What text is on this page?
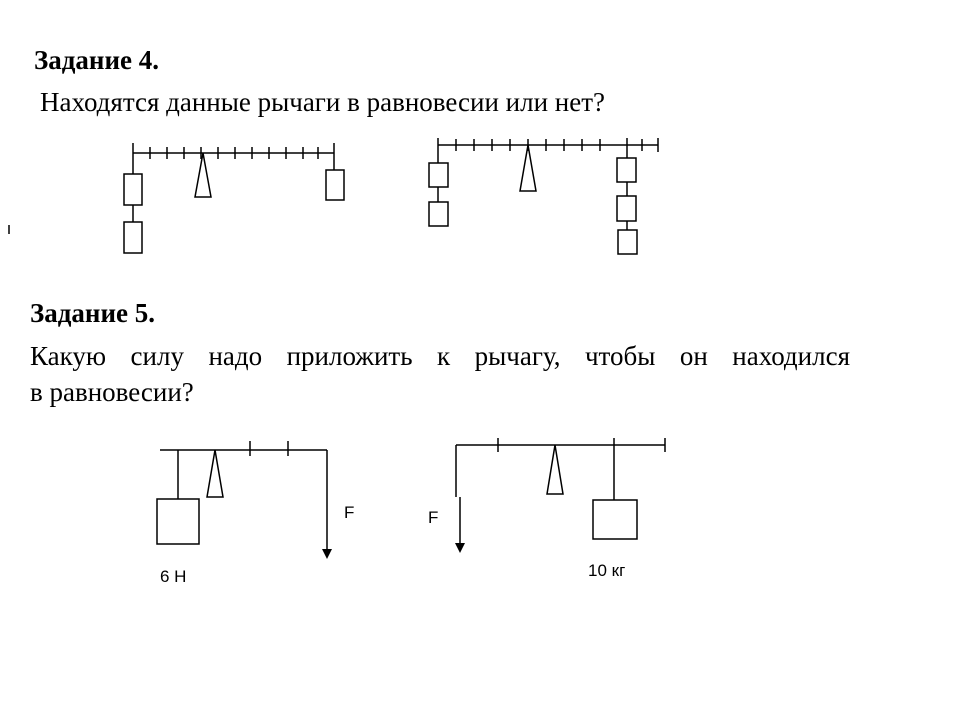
Задание 4.
Находятся данные рычаги в равновесии или нет?
Задание 5.
Какую силу надо приложить к рычагу, чтобы он находился
в равновесии?
F
6 Н
F
10 кг
